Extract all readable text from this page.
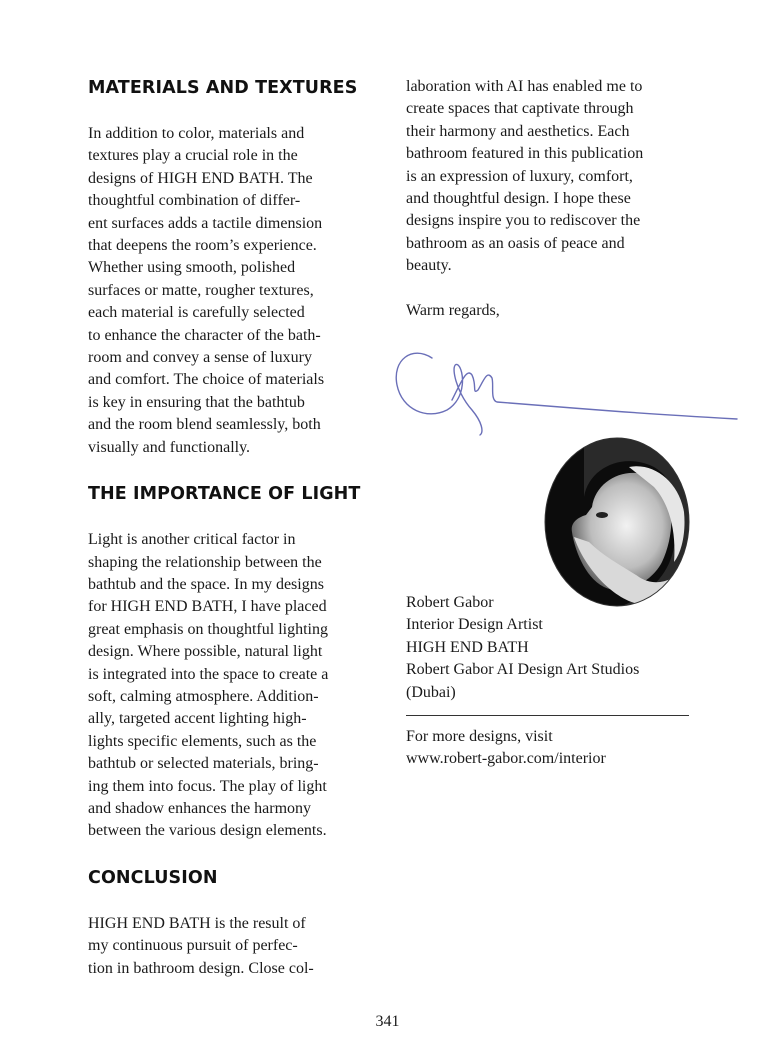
MATERIALS AND TEXTURES

In addition to color, materials and

textures play a crucial role in the

designs of HIGH END BATH. The

thoughtful combination of differ-

ent surfaces adds a tactile dimension

that deepens the room’s experience.

Whether using smooth, polished

surfaces or matte, rougher textures,

each material is carefully selected

to enhance the character of the bath-

room and convey a sense of luxury

and comfort. The choice of materials

is key in ensuring that the bathtub

and the room blend seamlessly, both

visually and functionally.

THE IMPORTANCE OF LIGHT

Light is another critical factor in

shaping the relationship between the

bathtub and the space. In my designs

for HIGH END BATH, I have placed

great emphasis on thoughtful lighting

design. Where possible, natural light

is integrated into the space to create a

soft, calming atmosphere. Addition-

ally, targeted accent lighting high-

lights specific elements, such as the

bathtub or selected materials, bring-

ing them into focus. The play of light

and shadow enhances the harmony

between the various design elements.

CONCLUSION

HIGH END BATH is the result of

my continuous pursuit of perfec-

tion in bathroom design. Close col-

laboration with AI has enabled me to

create spaces that captivate through

their harmony and aesthetics. Each

bathroom featured in this publication

is an expression of luxury, comfort,

and thoughtful design. I hope these

designs inspire you to rediscover the

bathroom as an oasis of peace and

beauty.

Warm regards,

Robert Gabor

Interior Design Artist

HIGH END BATH

Robert Gabor AI Design Art Studios

(Dubai)

For more designs, visit

www.robert-gabor.com/interior

341
